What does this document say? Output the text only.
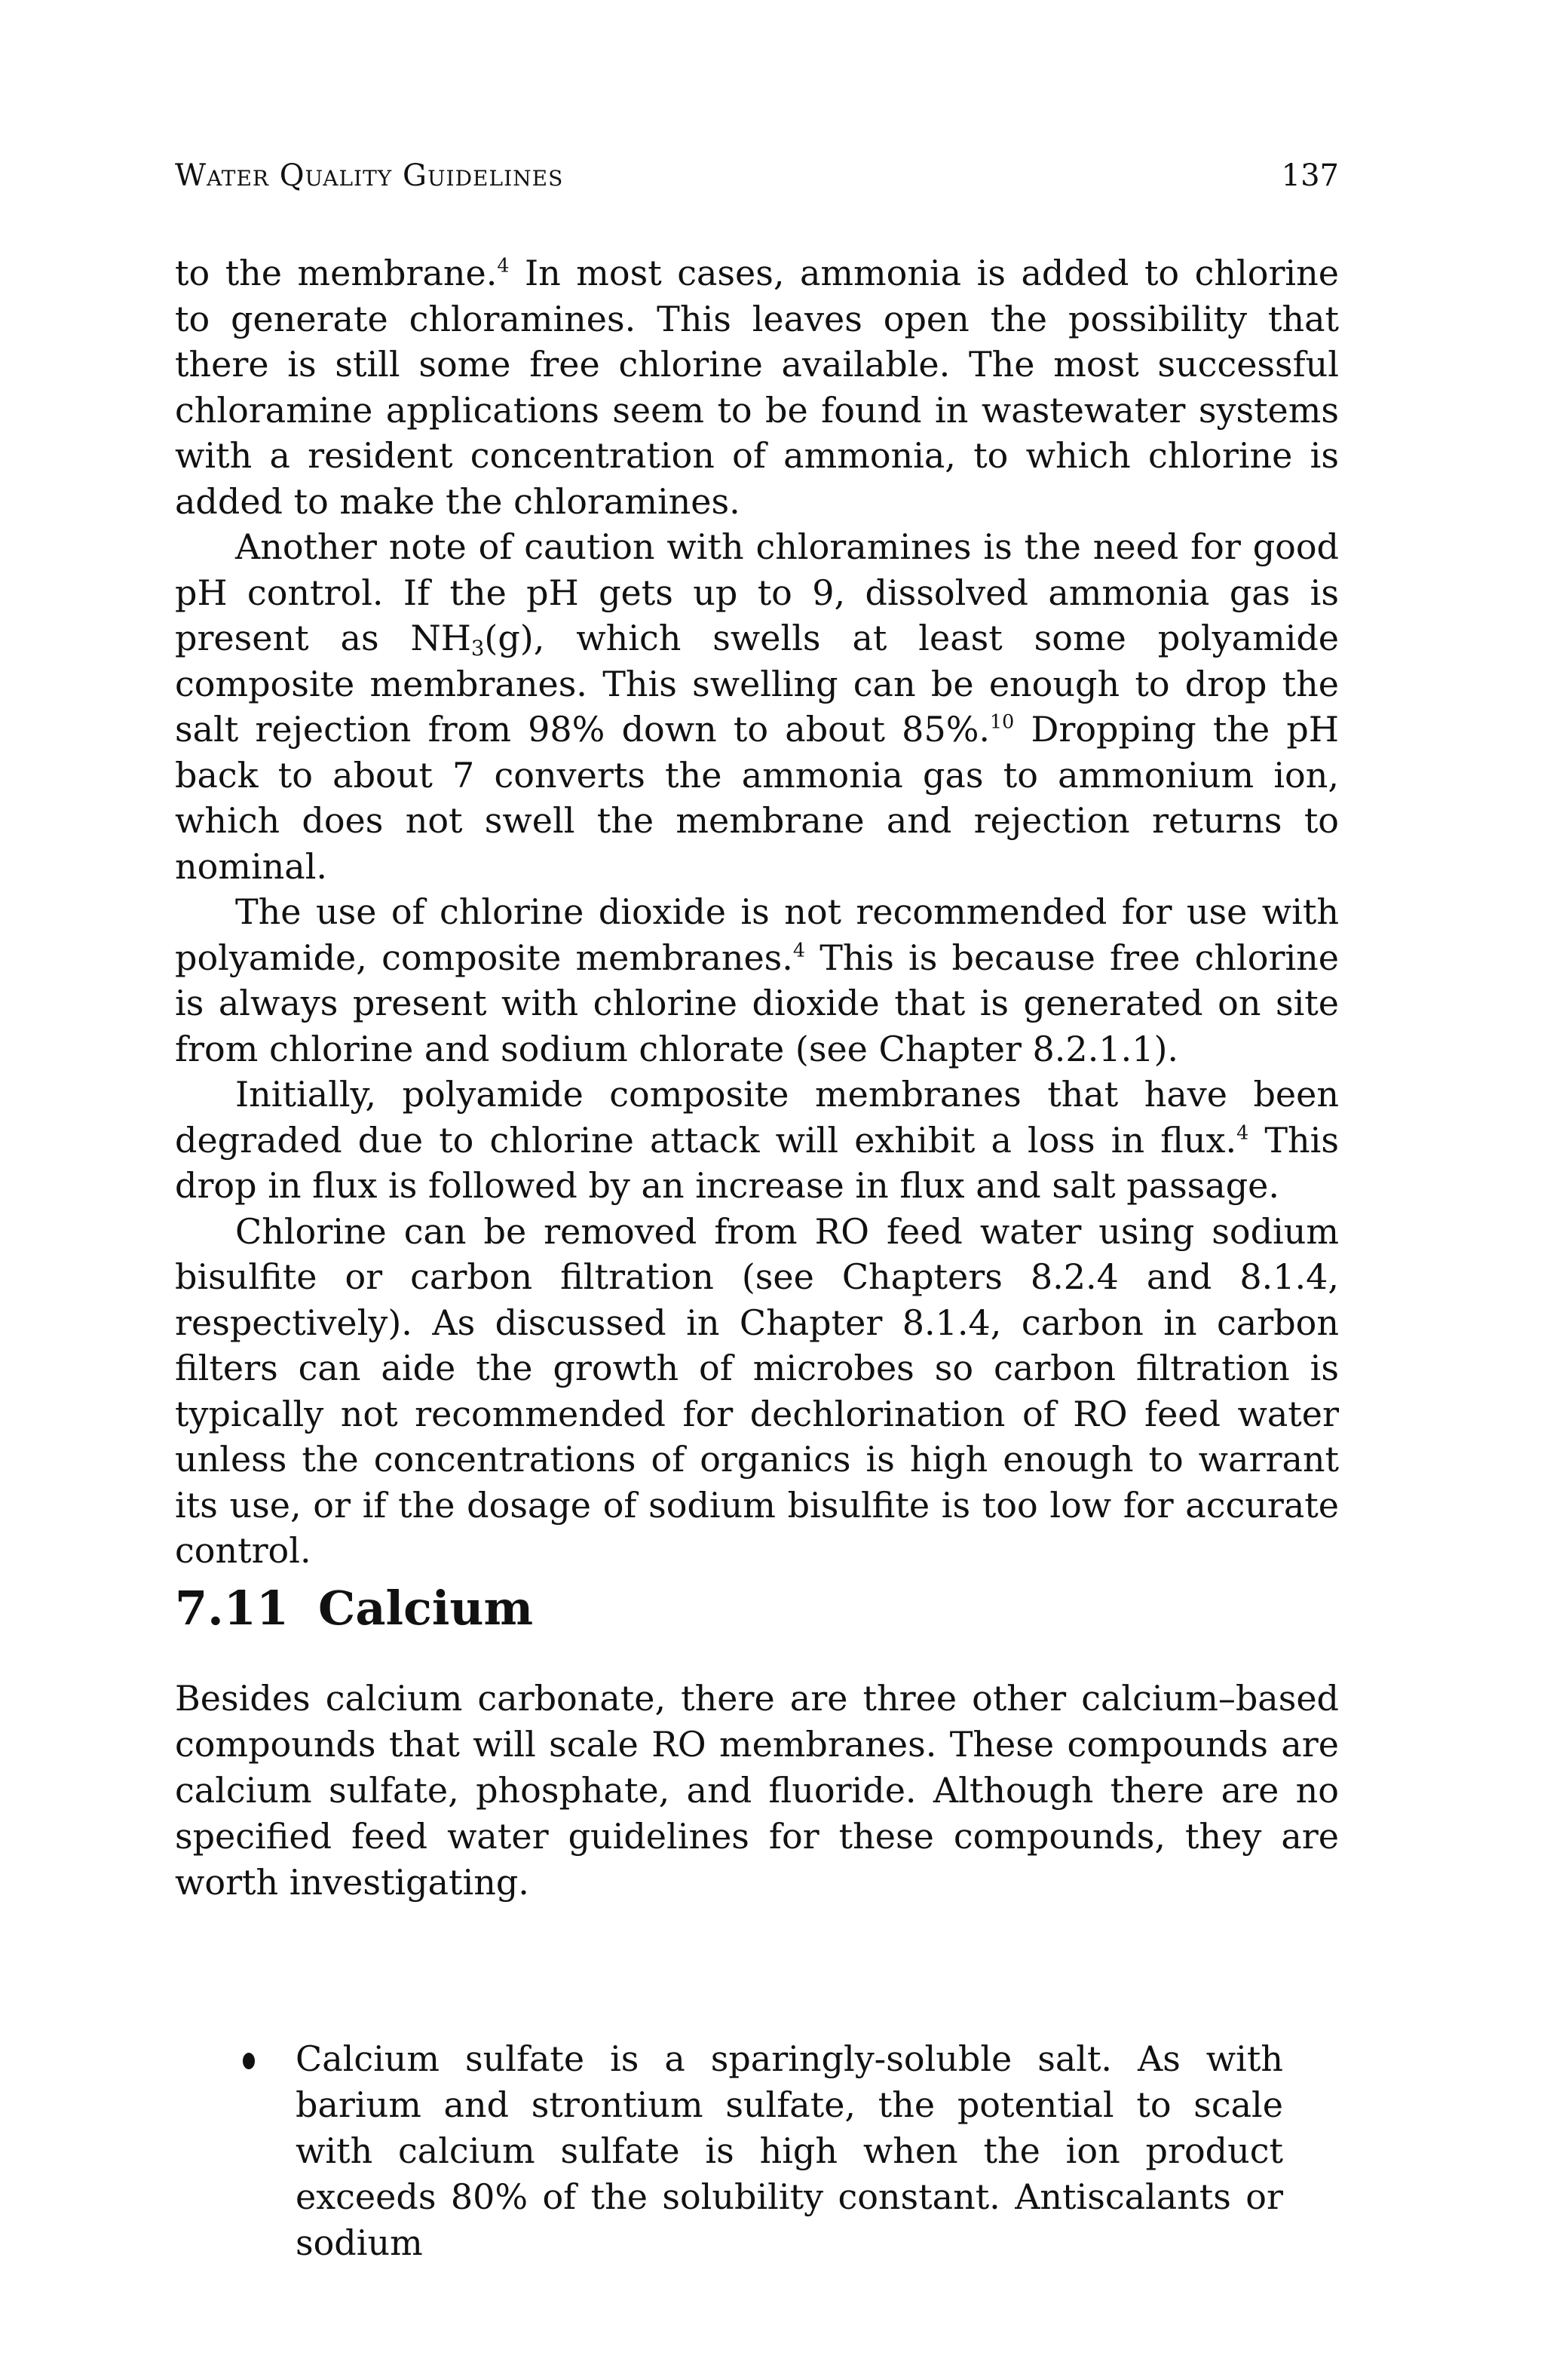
Water Quality Guidelines	137

to the membrane.$^4$ In most cases, ammonia is added to chlorine to generate chloramines. This leaves open the possibility that there is still some free chlorine available. The most successful chloramine applications seem to be found in wastewater systems with a resident concentration of ammonia, to which chlorine is added to make the chloramines.

Another note of caution with chloramines is the need for good pH control. If the pH gets up to 9, dissolved ammonia gas is present as $NH_3(g)$, which swells at least some polyamide composite membranes. This swelling can be enough to drop the salt rejection from 98% down to about 85%.$^{10}$ Dropping the pH back to about 7 converts the ammonia gas to ammonium ion, which does not swell the membrane and rejection returns to nominal.

The use of chlorine dioxide is not recommended for use with polyamide, composite membranes.$^4$ This is because free chlorine is always present with chlorine dioxide that is generated on site from chlorine and sodium chlorate (see Chapter 8.2.1.1).

Initially, polyamide composite membranes that have been degraded due to chlorine attack will exhibit a loss in flux.$^4$ This drop in flux is followed by an increase in flux and salt passage.

Chlorine can be removed from RO feed water using sodium bisulfite or carbon filtration (see Chapters 8.2.4 and 8.1.4, respectively). As discussed in Chapter 8.1.4, carbon in carbon filters can aide the growth of microbes so carbon filtration is typically not recommended for dechlorination of RO feed water unless the concentrations of organics is high enough to warrant its use, or if the dosage of sodium bisulfite is too low for accurate control.

7.11 Calcium

Besides calcium carbonate, there are three other calcium–based compounds that will scale RO membranes. These compounds are calcium sulfate, phosphate, and fluoride. Although there are no specified feed water guidelines for these compounds, they are worth investigating.

Calcium sulfate is a sparingly-soluble salt. As with barium and strontium sulfate, the potential to scale with calcium sulfate is high when the ion product exceeds 80% of the solubility constant. Antiscalants or sodium
